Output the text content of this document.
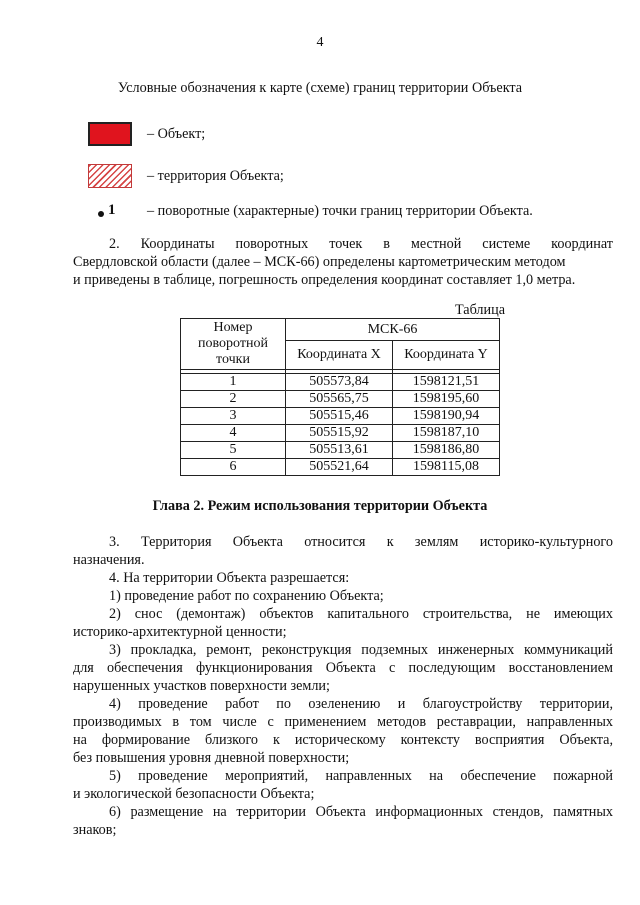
4
Условные обозначения к карте (схеме) границ территории Объекта
– Объект;
– территория Объекта;
1 – поворотные (характерные) точки границ территории Объекта.
2. Координаты поворотных точек в местной системе координат
Свердловской области (далее – МСК-66) определены картометрическим методом
и приведены в таблице, погрешность определения координат составляет 1,0 метра.
Таблица
Номер поворотной точки	МСК-66	
	Координата X	Координата Y

1	505573,84	1598121,51
2	505565,75	1598195,60
3	505515,46	1598190,94
4	505515,92	1598187,10
5	505513,61	1598186,80
6	505521,64	1598115,08
Глава 2. Режим использования территории Объекта
3. Территория Объекта относится к землям историко-культурного
назначения.
4. На территории Объекта разрешается:
1) проведение работ по сохранению Объекта;
2) снос (демонтаж) объектов капитального строительства, не имеющих
историко-архитектурной ценности;
3) прокладка, ремонт, реконструкция подземных инженерных коммуникаций
для обеспечения функционирования Объекта с последующим восстановлением
нарушенных участков поверхности земли;
4) проведение работ по озеленению и благоустройству территории,
производимых в том числе с применением методов реставрации, направленных
на формирование близкого к историческому контексту восприятия Объекта,
без повышения уровня дневной поверхности;
5) проведение мероприятий, направленных на обеспечение пожарной
и экологической безопасности Объекта;
6) размещение на территории Объекта информационных стендов, памятных
знаков;
